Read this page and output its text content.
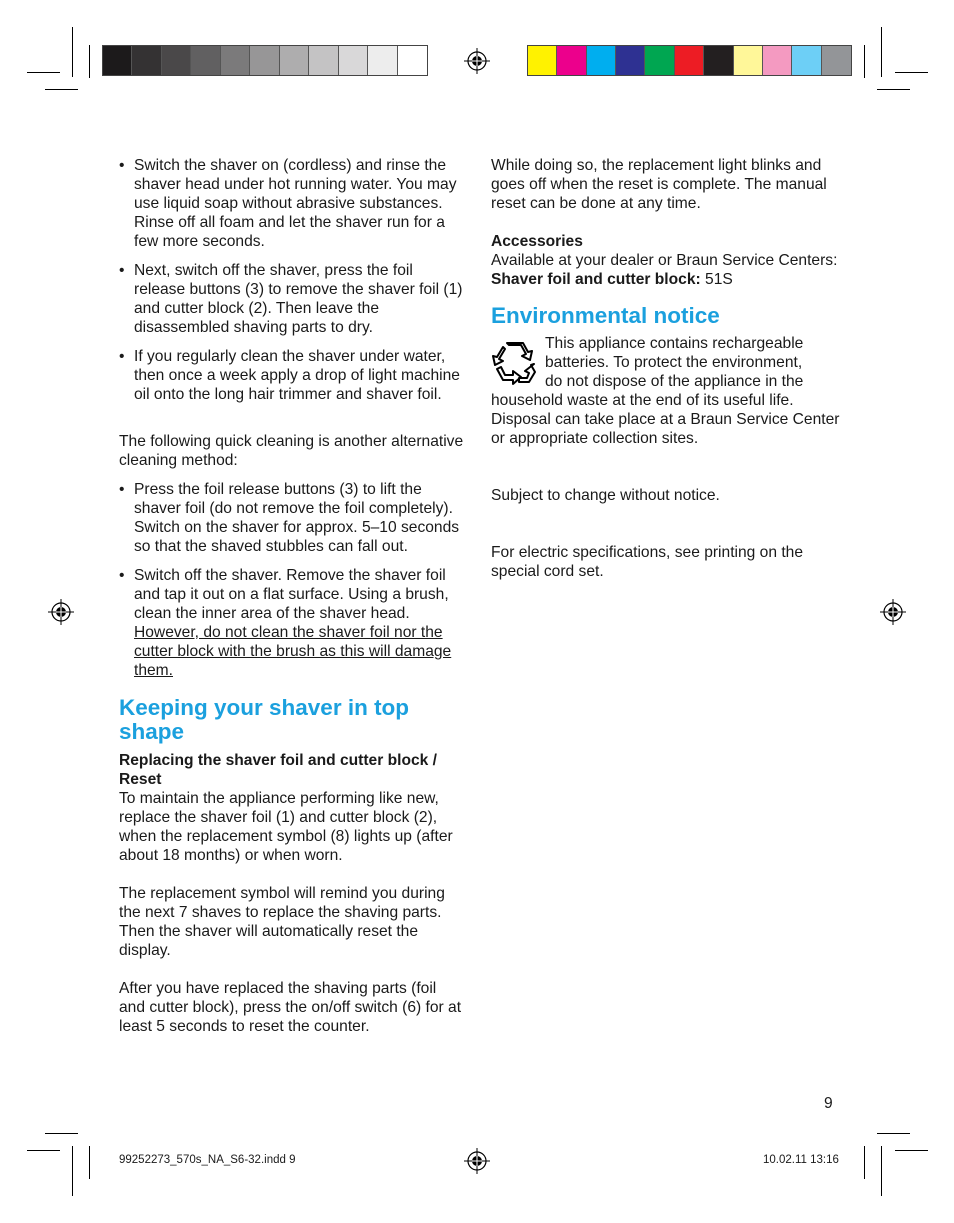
• Switch the shaver on (cordless) and rinse the shaver head under hot running water. You may use liquid soap without abrasive substances. Rinse off all foam and let the shaver run for a few more seconds.
• Next, switch off the shaver, press the foil release buttons (3) to remove the shaver foil (1) and cutter block (2). Then leave the disassembled shaving parts to dry.
• If you regularly clean the shaver under water, then once a week apply a drop of light machine oil onto the long hair trimmer and shaver foil.

The following quick cleaning is another alternative cleaning method:

• Press the foil release buttons (3) to lift the shaver foil (do not remove the foil completely). Switch on the shaver for approx. 5–10 seconds so that the shaved stubbles can fall out.
• Switch off the shaver. Remove the shaver foil and tap it out on a flat surface. Using a brush, clean the inner area of the shaver head. However, do not clean the shaver foil nor the cutter block with the brush as this will damage them.
Keeping your shaver in top shape

Replacing the shaver foil and cutter block / Reset

To maintain the appliance performing like new, replace the shaver foil (1) and cutter block (2), when the replacement symbol (8) lights up (after about 18 months) or when worn.

The replacement symbol will remind you during the next 7 shaves to replace the shaving parts. Then the shaver will automatically reset the display.

After you have replaced the shaving parts (foil and cutter block), press the on/off switch (6) for at least 5 seconds to reset the counter.

While doing so, the replacement light blinks and goes off when the reset is complete. The manual reset can be done at any time.

Accessories

Available at your dealer or Braun Service Centers:

Shaver foil and cutter block: 51S

Environmental notice

This appliance contains rechargeable

batteries. To protect the environment,

do not dispose of the appliance in the

household waste at the end of its useful life. Disposal can take place at a Braun Service Center or appropriate collection sites.

Subject to change without notice.

For electric specifications, see printing on the special cord set.

9
99252273_570s_NA_S6-32.indd 9	10.02.11 13:16
